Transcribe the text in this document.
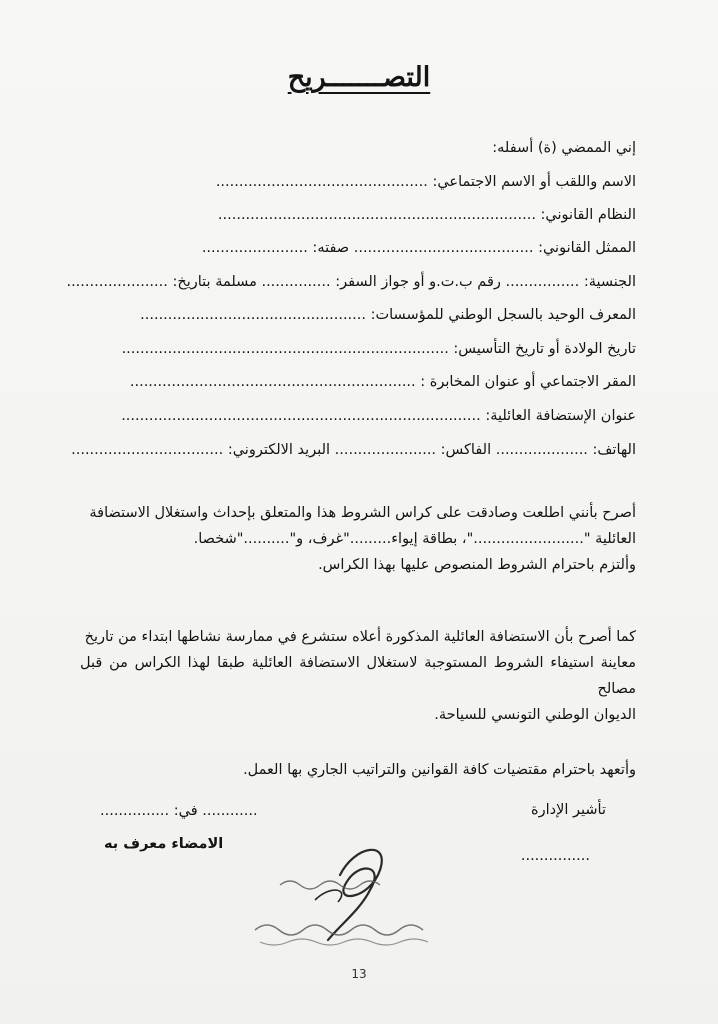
التصـــــــريح
إني الممضي (ة) أسفله:
الاسم واللقب أو الاسم الاجتماعي: ..............................................
النظام القانوني: .....................................................................
الممثل القانوني: ....................................... صفته: .......................
الجنسية: ................ رقم ب.ت.و أو جواز السفر: ............... مسلمة بتاريخ: ......................
المعرف الوحيد بالسجل الوطني للمؤسسات: .................................................
تاريخ الولادة أو تاريخ التأسيس: .......................................................................
المقر الاجتماعي أو عنوان المخابرة : ..............................................................
عنوان الإستضافة العائلية: ..............................................................................
الهاتف: .................... الفاكس: ...................... البريد الالكتروني: .................................
أصرح بأنني اطلعت وصادقت على كراس الشروط هذا والمتعلق بإحداث واستغلال الاستضافة
العائلية "........................"، بطاقة إيواء........."غرف، و".........."شخصا.
وألتزم باحترام الشروط المنصوص عليها بهذا الكراس.
كما أصرح بأن الاستضافة العائلية المذكورة أعلاه ستشرع في ممارسة نشاطها ابتداء من تاريخ
معاينة استيفاء الشروط المستوجبة لاستغلال الاستضافة العائلية طبقا لهذا الكراس من قبل مصالح
الديوان الوطني التونسي للسياحة.
وأتعهد باحترام مقتضيات كافة القوانين والتراتيب الجاري بها العمل.
تأشير الإدارة
...............
............ في: ...............
الامضاء معرف به
13
